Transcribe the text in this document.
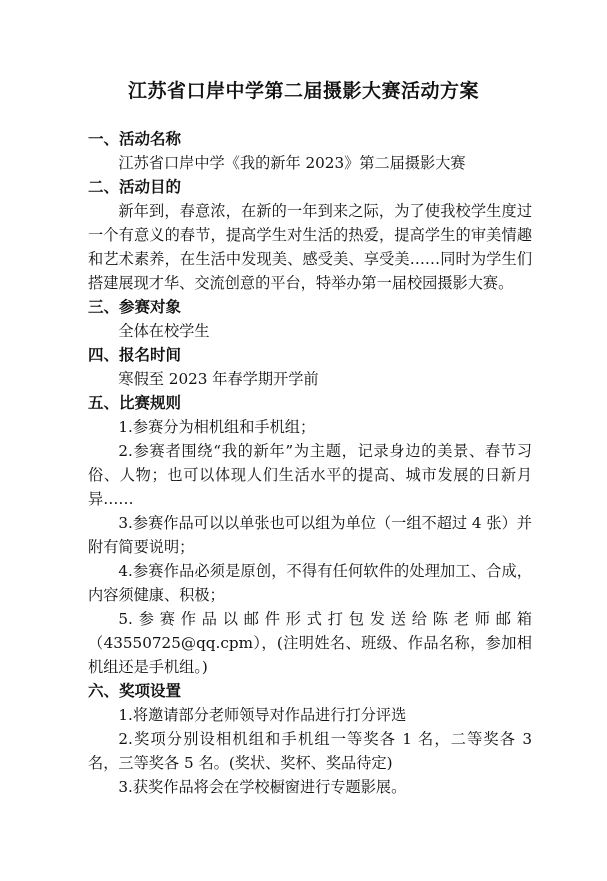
江苏省口岸中学第二届摄影大赛活动方案
一、活动名称
江苏省口岸中学《我的新年 2023》第二届摄影大赛
二、活动目的
新年到，春意浓，在新的一年到来之际，为了使我校学生度过一个有意义的春节，提高学生对生活的热爱，提高学生的审美情趣和艺术素养，在生活中发现美、感受美、享受美……同时为学生们搭建展现才华、交流创意的平台，特举办第一届校园摄影大赛。
三、参赛对象
全体在校学生
四、报名时间
寒假至 2023 年春学期开学前
五、比赛规则
1.参赛分为相机组和手机组；
2.参赛者围绕“我的新年”为主题，记录身边的美景、春节习俗、人物；也可以体现人们生活水平的提高、城市发展的日新月异……
3.参赛作品可以以单张也可以组为单位（一组不超过 4 张）并附有简要说明；
4.参赛作品必须是原创，不得有任何软件的处理加工、合成，内容须健康、积极；
5.参赛作品以邮件形式打包发送给陈老师邮箱（43550725@qq.cpm），(注明姓名、班级、作品名称，参加相机组还是手机组。)
六、奖项设置
1.将邀请部分老师领导对作品进行打分评选
2.奖项分别设相机组和手机组一等奖各 1 名，二等奖各 3 名，三等奖各 5 名。(奖状、奖杯、奖品待定)
3.获奖作品将会在学校橱窗进行专题影展。
